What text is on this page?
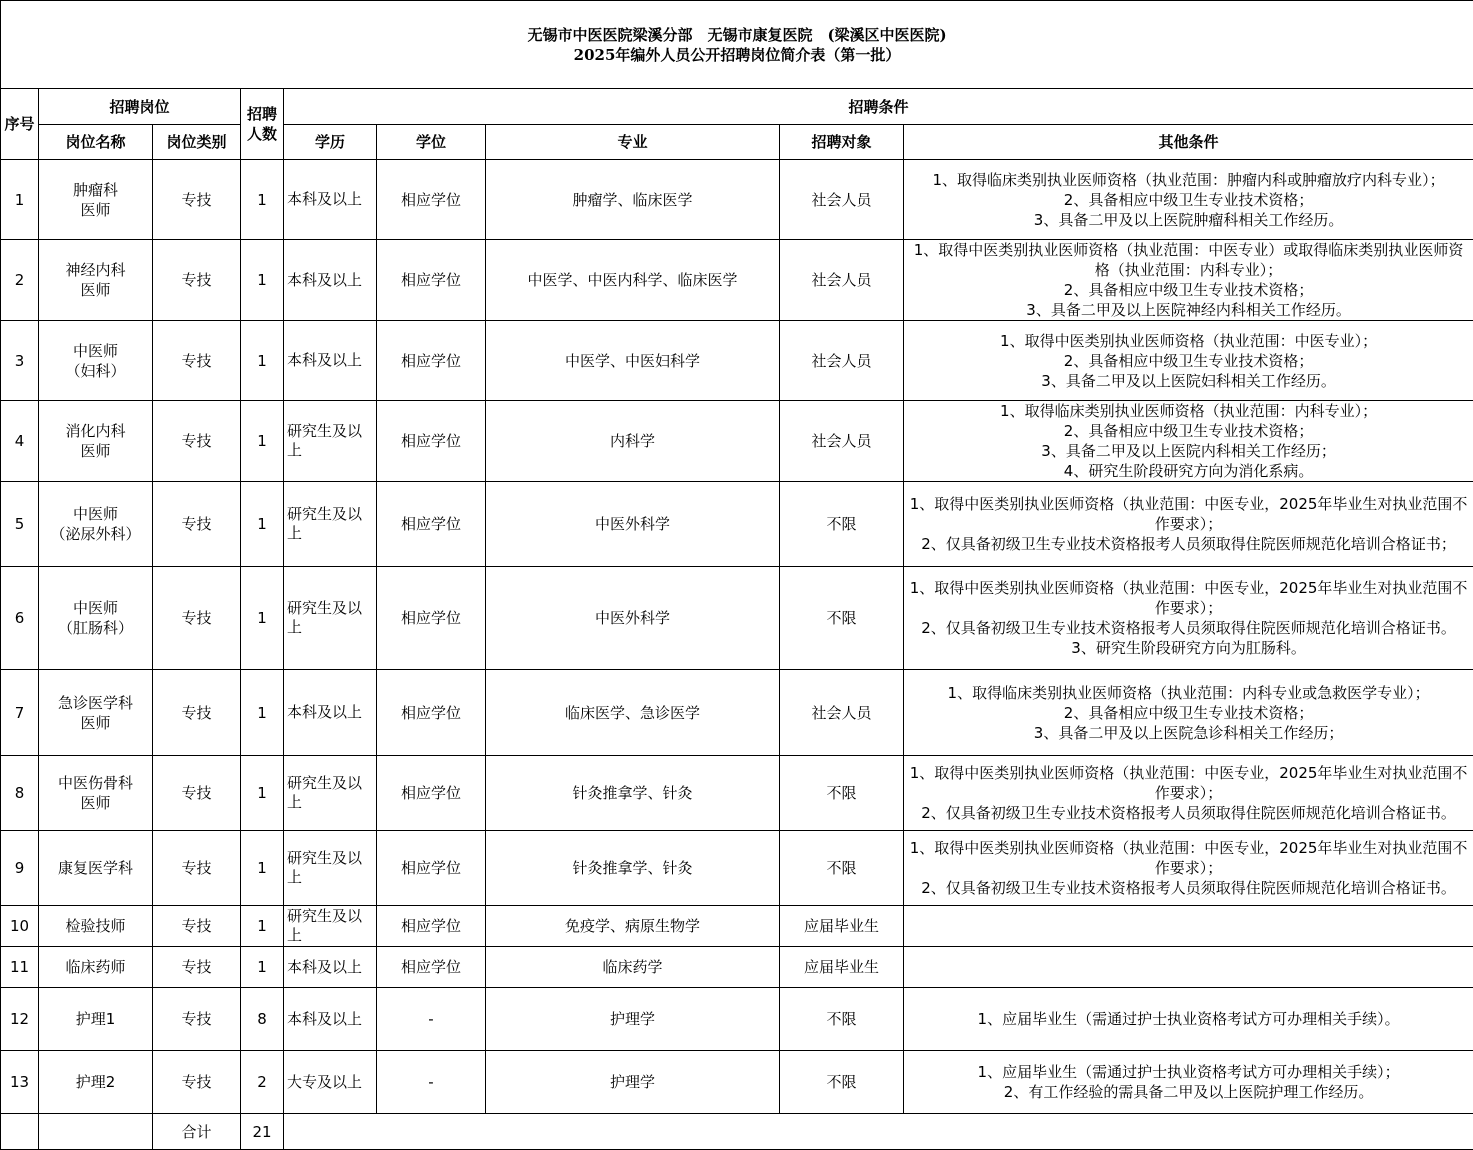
无锡市中医医院梁溪分部　无锡市康复医院　(梁溪区中医医院)
2025年编外人员公开招聘岗位简介表（第一批）								

序号	招聘岗位		招聘人数	招聘条件				
	岗位名称	岗位类别		学历	学位	专业	招聘对象	其他条件
1	肿瘤科
医师	专技	1	本科及以上	相应学位	肿瘤学、临床医学	社会人员	1、取得临床类别执业医师资格（执业范围：肿瘤内科或肿瘤放疗内科专业）；
2、具备相应中级卫生专业技术资格；
3、具备二甲及以上医院肿瘤科相关工作经历。

2	神经内科
医师	专技	1	本科及以上	相应学位	中医学、中医内科学、临床医学	社会人员	1、取得中医类别执业医师资格（执业范围：中医专业）或取得临床类别执业医师资格（执业范围：内科专业）；
2、具备相应中级卫生专业技术资格；
3、具备二甲及以上医院神经内科相关工作经历。

3	中医师
（妇科）	专技	1	本科及以上	相应学位	中医学、中医妇科学	社会人员	1、取得中医类别执业医师资格（执业范围：中医专业）；
2、具备相应中级卫生专业技术资格；
3、具备二甲及以上医院妇科相关工作经历。

4	消化内科
医师	专技	1	研究生及以上	相应学位	内科学	社会人员	1、取得临床类别执业医师资格（执业范围：内科专业）；
2、具备相应中级卫生专业技术资格；
3、具备二甲及以上医院内科相关工作经历；
4、研究生阶段研究方向为消化系病。

5	中医师
（泌尿外科）	专技	1	研究生及以上	相应学位	中医外科学	不限	1、取得中医类别执业医师资格（执业范围：中医专业，2025年毕业生对执业范围不作要求）；
2、仅具备初级卫生专业技术资格报考人员须取得住院医师规范化培训合格证书；

6	中医师
（肛肠科）	专技	1	研究生及以上	相应学位	中医外科学	不限	1、取得中医类别执业医师资格（执业范围：中医专业，2025年毕业生对执业范围不作要求）；
2、仅具备初级卫生专业技术资格报考人员须取得住院医师规范化培训合格证书。
3、研究生阶段研究方向为肛肠科。

7	急诊医学科
医师	专技	1	本科及以上	相应学位	临床医学、急诊医学	社会人员	1、取得临床类别执业医师资格（执业范围：内科专业或急救医学专业）；
2、具备相应中级卫生专业技术资格；
3、具备二甲及以上医院急诊科相关工作经历；

8	中医伤骨科
医师	专技	1	研究生及以上	相应学位	针灸推拿学、针灸	不限	1、取得中医类别执业医师资格（执业范围：中医专业，2025年毕业生对执业范围不作要求）；
2、仅具备初级卫生专业技术资格报考人员须取得住院医师规范化培训合格证书。

9	康复医学科	专技	1	研究生及以上	相应学位	针灸推拿学、针灸	不限	1、取得中医类别执业医师资格（执业范围：中医专业，2025年毕业生对执业范围不作要求）；
2、仅具备初级卫生专业技术资格报考人员须取得住院医师规范化培训合格证书。

10	检验技师	专技	1	研究生及以上	相应学位	免疫学、病原生物学	应届毕业生	
11	临床药师	专技	1	本科及以上	相应学位	临床药学	应届毕业生	
12	护理1	专技	8	本科及以上	-	护理学	不限	1、应届毕业生（需通过护士执业资格考试方可办理相关手续）。

13	护理2	专技	2	大专及以上	-	护理学	不限	1、应届毕业生（需通过护士执业资格考试方可办理相关手续）；
2、有工作经验的需具备二甲及以上医院护理工作经历。

		合计	21					
